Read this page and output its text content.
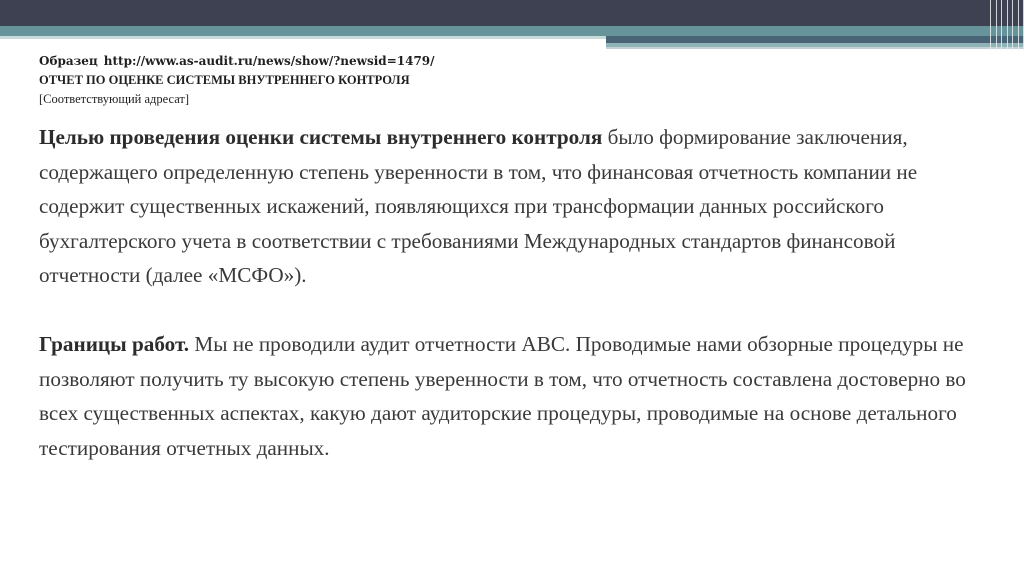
Образец http://www.as-audit.ru/news/show/?newsid=1479/
ОТЧЕТ ПО ОЦЕНКЕ СИСТЕМЫ ВНУТРЕННЕГО КОНТРОЛЯ
[Соответствующий адресат]

Целью проведения оценки системы внутреннего контроля было формирование заключения, содержащего определенную степень уверенности в том, что финансовая отчетность компании не содержит существенных искажений, появляющихся при трансформации данных российского бухгалтерского учета в соответствии с требованиями Международных стандартов финансовой отчетности (далее «МСФО»).

Границы работ. Мы не проводили аудит отчетности ABC. Проводимые нами обзорные процедуры не позволяют получить ту высокую степень уверенности в том, что отчетность составлена достоверно во всех существенных аспектах, какую дают аудиторские процедуры, проводимые на основе детального тестирования отчетных данных.
